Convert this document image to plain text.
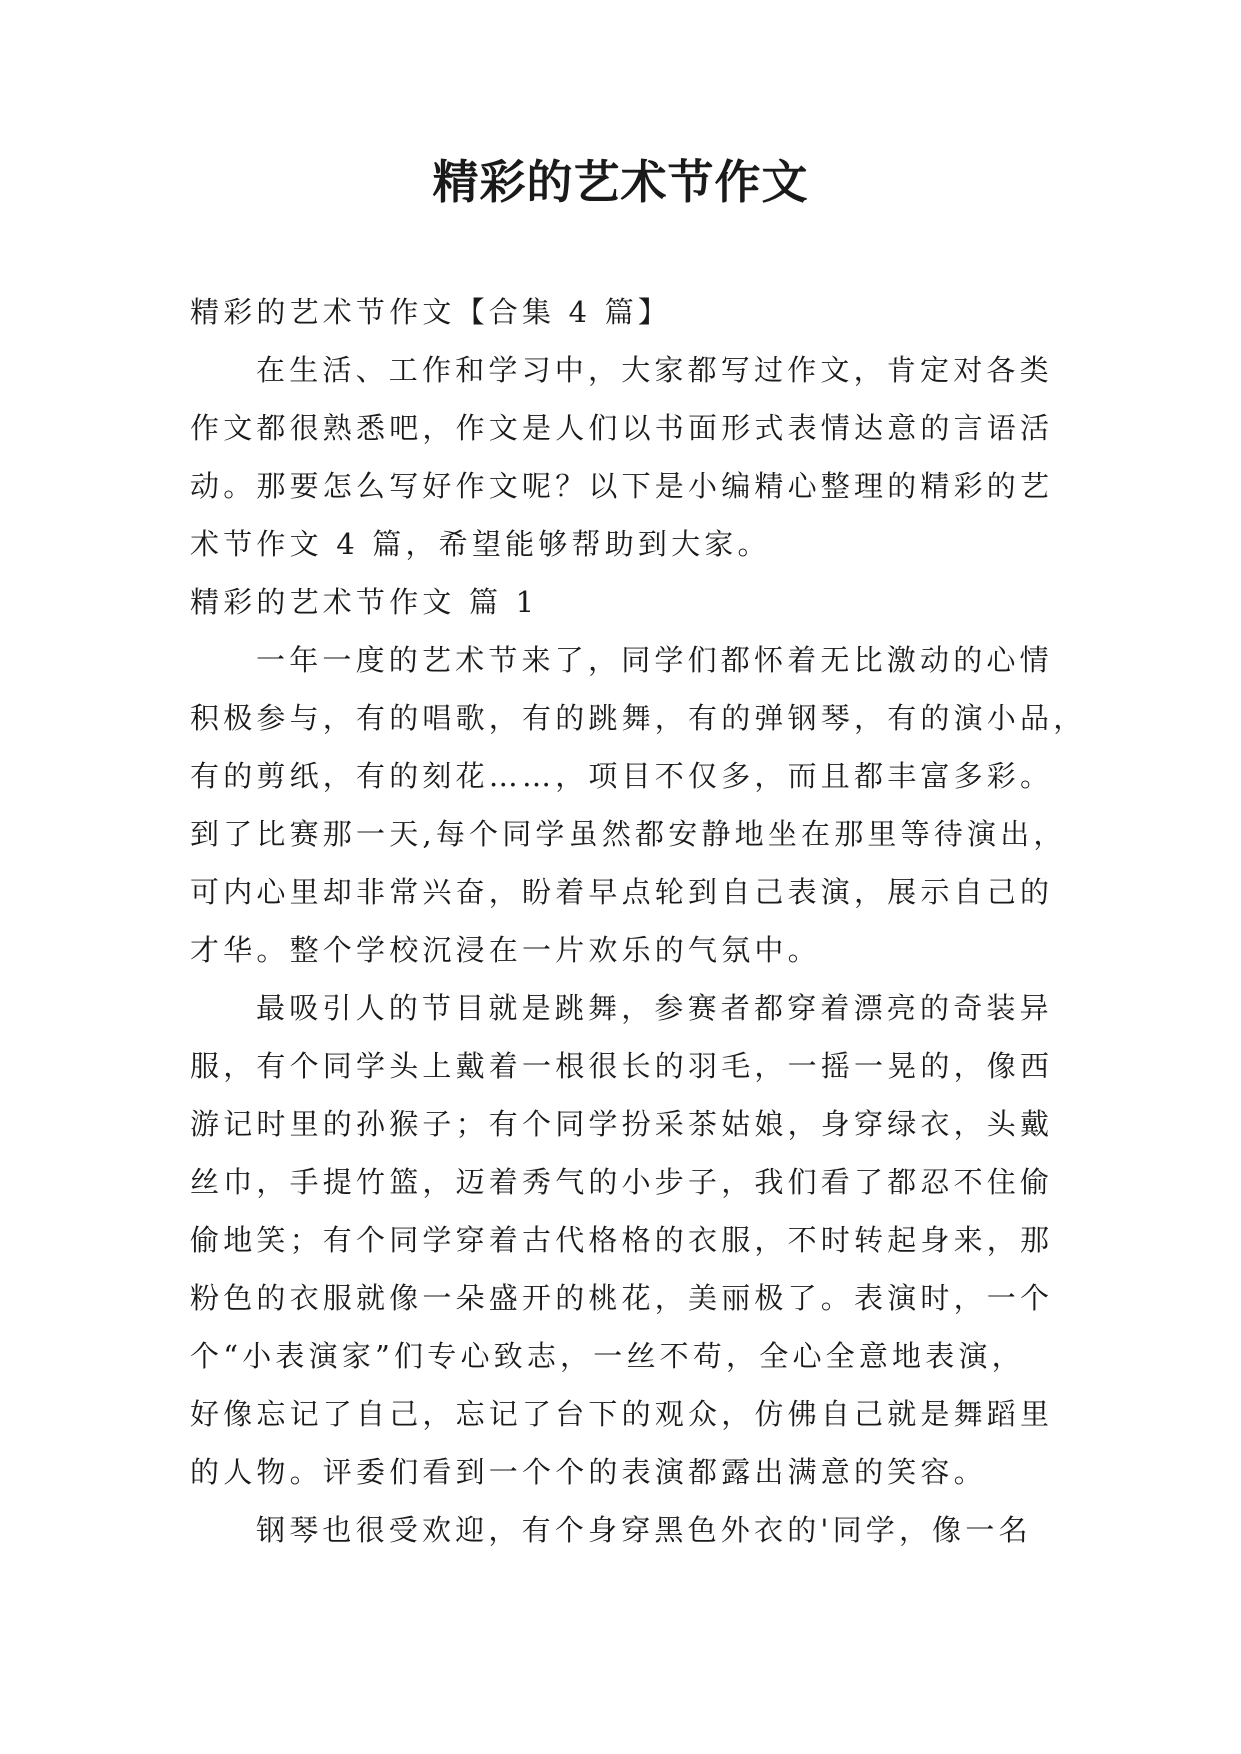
精彩的艺术节作文

精彩的艺术节作文【合集 4 篇】

在生活、工作和学习中，大家都写过作文，肯定对各类

作文都很熟悉吧，作文是人们以书面形式表情达意的言语活

动。那要怎么写好作文呢？以下是小编精心整理的精彩的艺

术节作文 4 篇，希望能够帮助到大家。

精彩的艺术节作文 篇 1

一年一度的艺术节来了，同学们都怀着无比激动的心情

积极参与，有的唱歌，有的跳舞，有的弹钢琴，有的演小品，

有的剪纸，有的刻花……，项目不仅多，而且都丰富多彩。

到了比赛那一天,每个同学虽然都安静地坐在那里等待演出，

可内心里却非常兴奋，盼着早点轮到自己表演，展示自己的

才华。整个学校沉浸在一片欢乐的气氛中。

最吸引人的节目就是跳舞，参赛者都穿着漂亮的奇装异

服，有个同学头上戴着一根很长的羽毛，一摇一晃的，像西

游记时里的孙猴子；有个同学扮采茶姑娘，身穿绿衣，头戴

丝巾，手提竹篮，迈着秀气的小步子，我们看了都忍不住偷

偷地笑；有个同学穿着古代格格的衣服，不时转起身来，那

粉色的衣服就像一朵盛开的桃花，美丽极了。表演时，一个

个“小表演家”们专心致志，一丝不苟，全心全意地表演，

好像忘记了自己，忘记了台下的观众，仿佛自己就是舞蹈里

的人物。评委们看到一个个的表演都露出满意的笑容。

钢琴也很受欢迎，有个身穿黑色外衣的'同学，像一名
